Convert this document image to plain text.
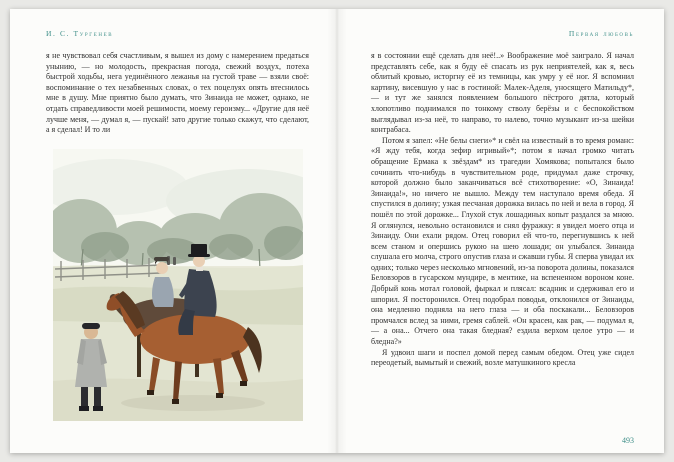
И. С. Тургенев

я не чувствовал себя счастливым, я вышел из дому с намерением предаться унынию, — но молодость, прекрасная погода, свежий воздух, потеха быстрой ходьбы, нега уединённого лежанья на густой траве — взяли своё: воспоминание о тех незабвенных словах, о тех поцелуях опять втеснилось мне в душу. Мне приятно было думать, что Зинаида не может, однако, не отдать справедливости моей решимости, моему героизму... «Другие для неё лучше меня, — думал я, — пускай! зато другие только скажут, что сделают, а я сделал! И то ли

Первая любовь

я в состоянии ещё сделать для неё!..» Воображение моё заиграло. Я начал представлять себе, как я буду её спасать из рук неприятелей, как я, весь облитый кровью, исторгну её из темницы, как умру у её ног. Я вспомнил картину, висевшую у нас в гостиной: Малек-Аделя, уносящего Матильду*, — и тут же занялся появлением большого пёстрого дятла, который хлопотливо поднимался по тонкому стволу берёзы и с беспокойством выглядывал из-за неё, то направо, то налево, точно музыкант из-за шейки контрабаса.

Потом я запел: «Не белы снеги»* и свёл на известный в то время романс: «Я жду тебя, когда зефир игривый»*; потом я начал громко читать обращение Ермака к звёздам* из трагедии Хомякова; попытался было сочинить что-нибудь в чувствительном роде, придумал даже строчку, которой должно было заканчиваться всё стихотворение: «О, Зинаида! Зинаида!», но ничего не вышло. Между тем наступало время обеда. Я спустился в долину; узкая песчаная дорожка вилась по ней и вела в город. Я пошёл по этой дорожке... Глухой стук лошадиных копыт раздался за мною. Я оглянулся, невольно остановился и снял фуражку: я увидел моего отца и Зинаиду. Они ехали рядом. Отец говорил ей что-то, перегнувшись к ней всем станом и опершись рукою на шею лошади; он улыбался. Зинаида слушала его молча, строго опустив глаза и сжавши губы. Я сперва увидал их одних; только через несколько мгновений, из-за поворота долины, показался Беловзоров в гусарском мундире, в ментике, на вспененном вороном коне. Добрый конь мотал головой, фыркал и плясал: всадник и сдерживал его и шпорил. Я посторонился. Отец подобрал поводья, отклонился от Зинаиды, она медленно подняла на него глаза — и оба поскакали... Беловзоров промчался вслед за ними, гремя саблей. «Он красен, как рак, — подумал я, — а она... Отчего она такая бледная? ездила верхом целое утро — и бледна?»

Я удвоил шаги и поспел домой перед самым обедом. Отец уже сидел переодетый, вымытый и свежий, возле матушкиного кресла

493
